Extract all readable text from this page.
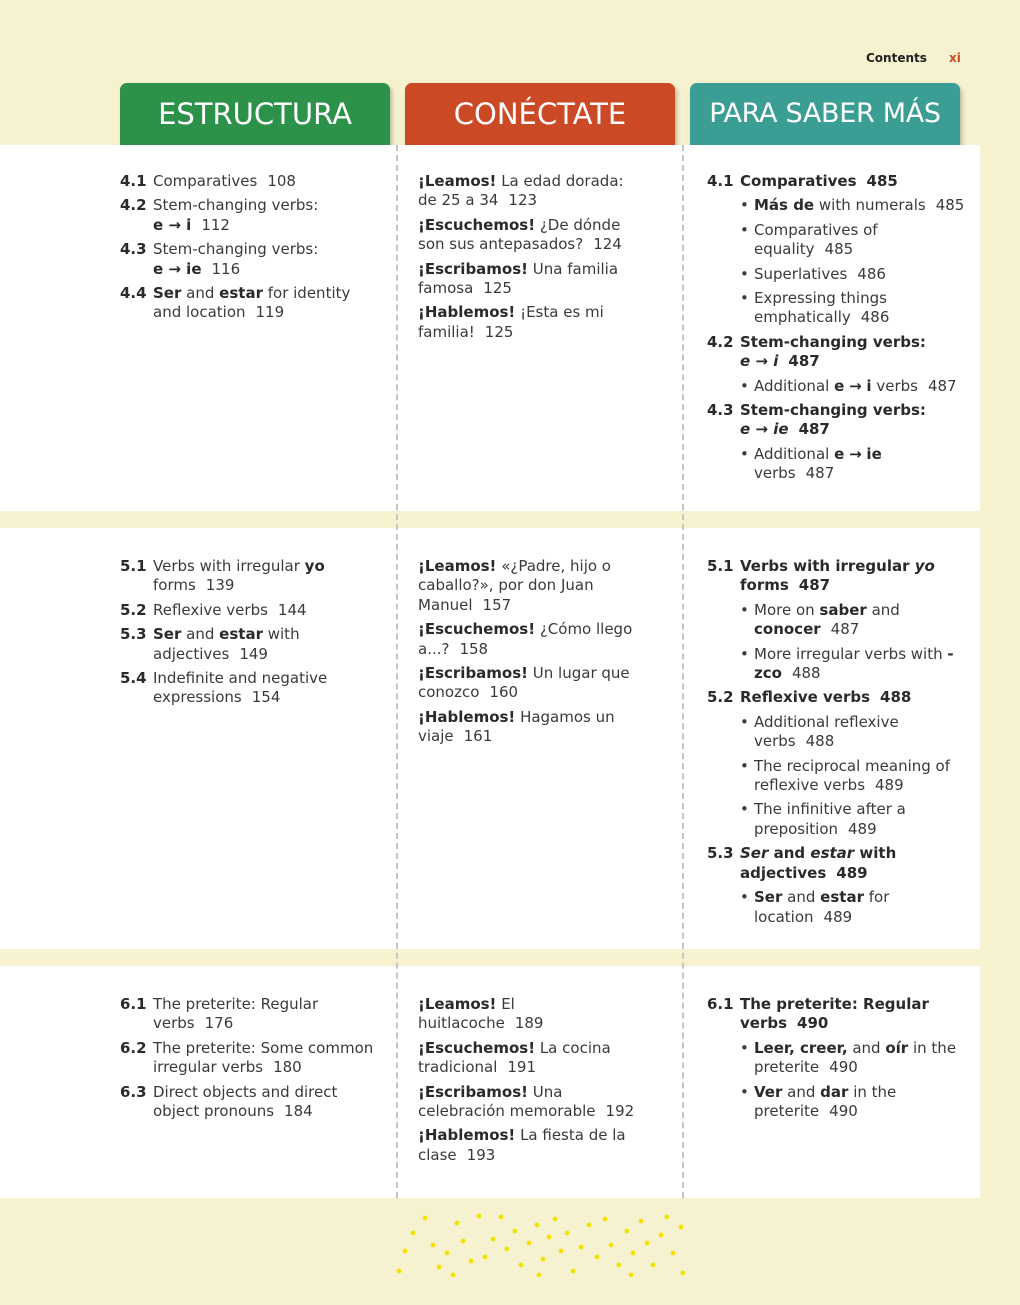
Contents xi
ESTRUCTURA	CONÉCTATE	PARA SABER MÁS
4.1 Comparatives 108
4.2 Stem-changing verbs:
e → i 112
4.3 Stem-changing verbs:
e → ie 116
4.4 Ser and estar for identity and location 119
¡Leamos! La edad dorada: de 25 a 34 123
¡Escuchemos! ¿De dónde son sus antepasados? 124
¡Escribamos! Una familia famosa 125
¡Hablemos! ¡Esta es mi familia! 125
4.1 Comparatives 485
• Más de with numerals 485
• Comparatives of equality 485
• Superlatives 486
• Expressing things emphatically 486
4.2 Stem-changing verbs:
e → i 487
• Additional e → i verbs 487
4.3 Stem-changing verbs:
e → ie 487
• Additional e → ie
verbs 487
5.1 Verbs with irregular yo forms 139
5.2 Reflexive verbs 144
5.3 Ser and estar with adjectives 149
5.4 Indefinite and negative expressions 154
¡Leamos! «¿Padre, hijo o caballo?», por don Juan Manuel 157
¡Escuchemos! ¿Cómo llego a...? 158
¡Escribamos! Un lugar que conozco 160
¡Hablemos! Hagamos un viaje 161
5.1 Verbs with irregular yo forms 487
• More on saber and conocer 487
• More irregular verbs with -zco 488
5.2 Reflexive verbs 488
• Additional reflexive verbs 488
• The reciprocal meaning of reflexive verbs 489
• The infinitive after a preposition 489
5.3 Ser and estar with adjectives 489
• Ser and estar for location 489
6.1 The preterite: Regular verbs 176
6.2 The preterite: Some common irregular verbs 180
6.3 Direct objects and direct object pronouns 184
¡Leamos! El huitlacoche 189
¡Escuchemos! La cocina tradicional 191
¡Escribamos! Una celebración memorable 192
¡Hablemos! La fiesta de la clase 193
6.1 The preterite: Regular verbs 490
• Leer, creer, and oír in the preterite 490
• Ver and dar in the preterite 490
